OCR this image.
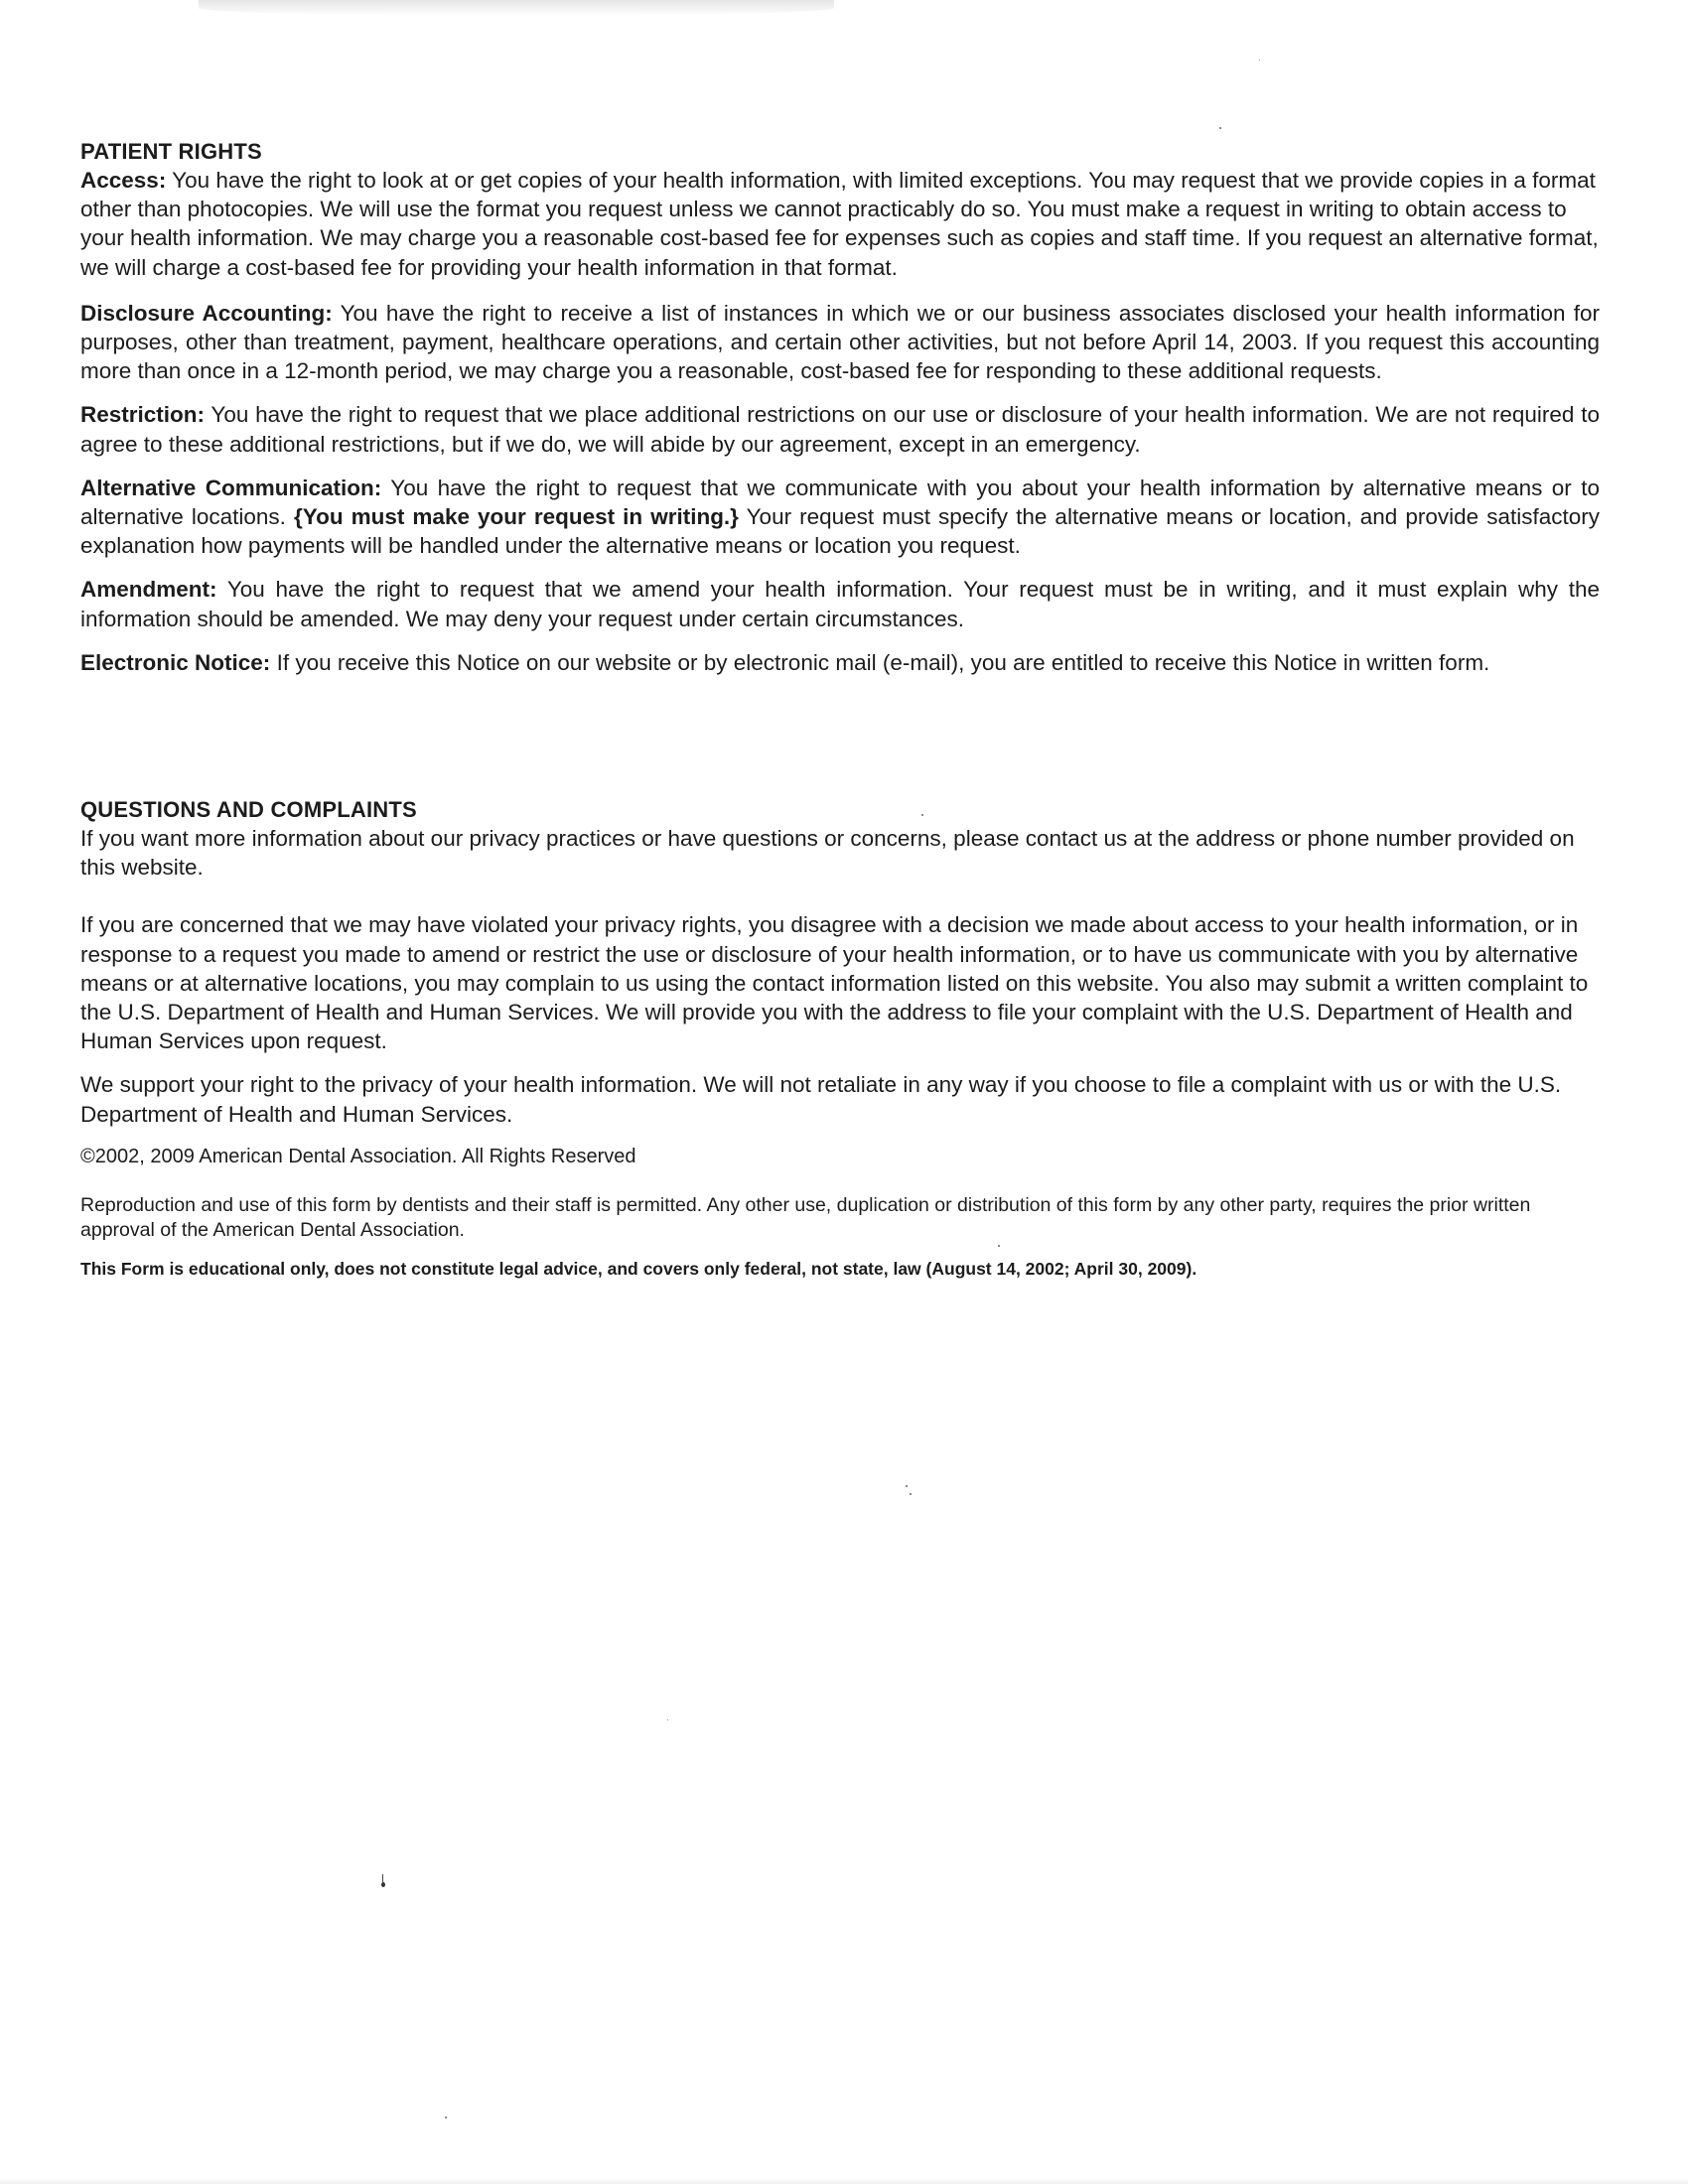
PATIENT RIGHTS

Access: You have the right to look at or get copies of your health information, with limited exceptions. You may request that we provide copies in a format other than photocopies. We will use the format you request unless we cannot practicably do so. You must make a request in writing to obtain access to your health information. We may charge you a reasonable cost-based fee for expenses such as copies and staff time. If you request an alternative format, we will charge a cost-based fee for providing your health information in that format.

Disclosure Accounting: You have the right to receive a list of instances in which we or our business associates disclosed your health information for purposes, other than treatment, payment, healthcare operations, and certain other activities, but not before April 14, 2003. If you request this accounting more than once in a 12-month period, we may charge you a reasonable, cost-based fee for responding to these additional requests.

Restriction: You have the right to request that we place additional restrictions on our use or disclosure of your health information. We are not required to agree to these additional restrictions, but if we do, we will abide by our agreement, except in an emergency.

Alternative Communication: You have the right to request that we communicate with you about your health information by alternative means or to alternative locations. {You must make your request in writing.} Your request must specify the alternative means or location, and provide satisfactory explanation how payments will be handled under the alternative means or location you request.

Amendment: You have the right to request that we amend your health information. Your request must be in writing, and it must explain why the information should be amended. We may deny your request under certain circumstances.

Electronic Notice: If you receive this Notice on our website or by electronic mail (e-mail), you are entitled to receive this Notice in written form.

QUESTIONS AND COMPLAINTS

If you want more information about our privacy practices or have questions or concerns, please contact us at the address or phone number provided on this website.

If you are concerned that we may have violated your privacy rights, you disagree with a decision we made about access to your health information, or in response to a request you made to amend or restrict the use or disclosure of your health information, or to have us communicate with you by alternative means or at alternative locations, you may complain to us using the contact information listed on this website. You also may submit a written complaint to the U.S. Department of Health and Human Services. We will provide you with the address to file your complaint with the U.S. Department of Health and Human Services upon request.

We support your right to the privacy of your health information. We will not retaliate in any way if you choose to file a complaint with us or with the U.S. Department of Health and Human Services.

©2002, 2009 American Dental Association. All Rights Reserved

Reproduction and use of this form by dentists and their staff is permitted. Any other use, duplication or distribution of this form by any other party, requires the prior written approval of the American Dental Association.

This Form is educational only, does not constitute legal advice, and covers only federal, not state, law (August 14, 2002; April 30, 2009).
